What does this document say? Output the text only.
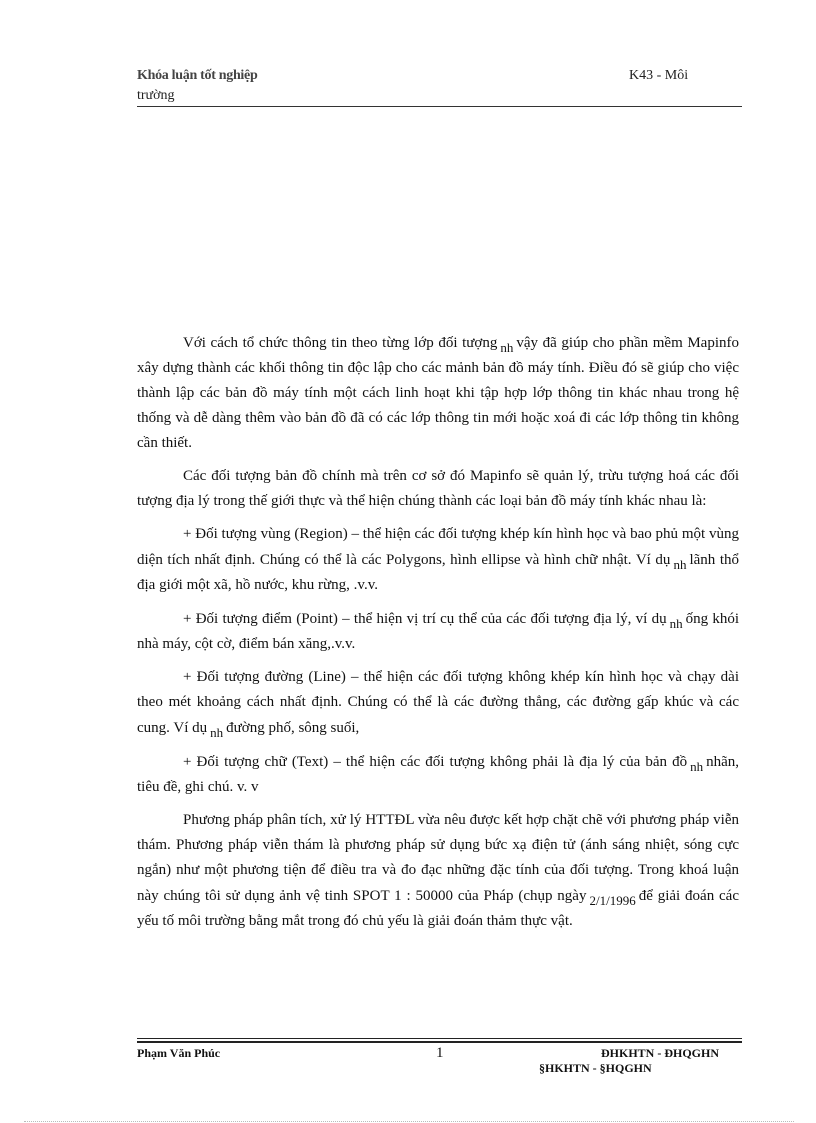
Khóa luận tốt nghiệp
trường
K43 - Môi

Với cách tổ chức thông tin theo từng lớp đối tượng nh vậy đã giúp cho phần mềm Mapinfo xây dựng thành các khối thông tin độc lập cho các mảnh bản đồ máy tính. Điều đó sẽ giúp cho việc thành lập các bản đồ máy tính một cách linh hoạt khi tập hợp lớp thông tin khác nhau trong hệ thống và dễ dàng thêm vào bản đồ đã có các lớp thông tin mới hoặc xoá đi các lớp thông tin không cần thiết.

Các đối tượng bản đồ chính mà trên cơ sở đó Mapinfo sẽ quản lý, trừu tượng hoá các đối tượng địa lý trong thế giới thực và thể hiện chúng thành các loại bản đồ máy tính khác nhau là:

+ Đối tượng vùng (Region) – thể hiện các đối tượng khép kín hình học và bao phủ một vùng diện tích nhất định. Chúng có thể là các Polygons, hình ellipse và hình chữ nhật. Ví dụ nh lãnh thổ địa giới một xã, hồ nước, khu rừng, .v.v.

+ Đối tượng điểm (Point) – thể hiện vị trí cụ thể của các đối tượng địa lý, ví dụ nh ống khói nhà máy, cột cờ, điểm bán xăng,.v.v.

+ Đối tượng đường (Line) – thể hiện các đối tượng không khép kín hình học và chạy dài theo mét khoảng cách nhất định. Chúng có thể là các đường thẳng, các đường gấp khúc và các cung. Ví dụ nh đường phố, sông suối,

+ Đối tượng chữ (Text) – thể hiện các đối tượng không phải là địa lý của bản đồ nh nhãn, tiêu đề, ghi chú. v. v

Phương pháp phân tích, xử lý HTTĐL vừa nêu được kết hợp chặt chẽ với phương pháp viễn thám. Phương pháp viễn thám là phương pháp sử dụng bức xạ điện tử (ánh sáng nhiệt, sóng cực ngắn) như một phương tiện để điều tra và đo đạc những đặc tính của đối tượng. Trong khoá luận này chúng tôi sử dụng ảnh vệ tinh SPOT 1 : 50000 của Pháp (chụp ngày 2/1/1996 để giải đoán các yếu tố môi trường bằng mắt trong đó chủ yếu là giải đoán thảm thực vật.

Phạm Văn Phúc	1	ĐHKHTN - ĐHQGHN
§HKHTN - §HQGHN
